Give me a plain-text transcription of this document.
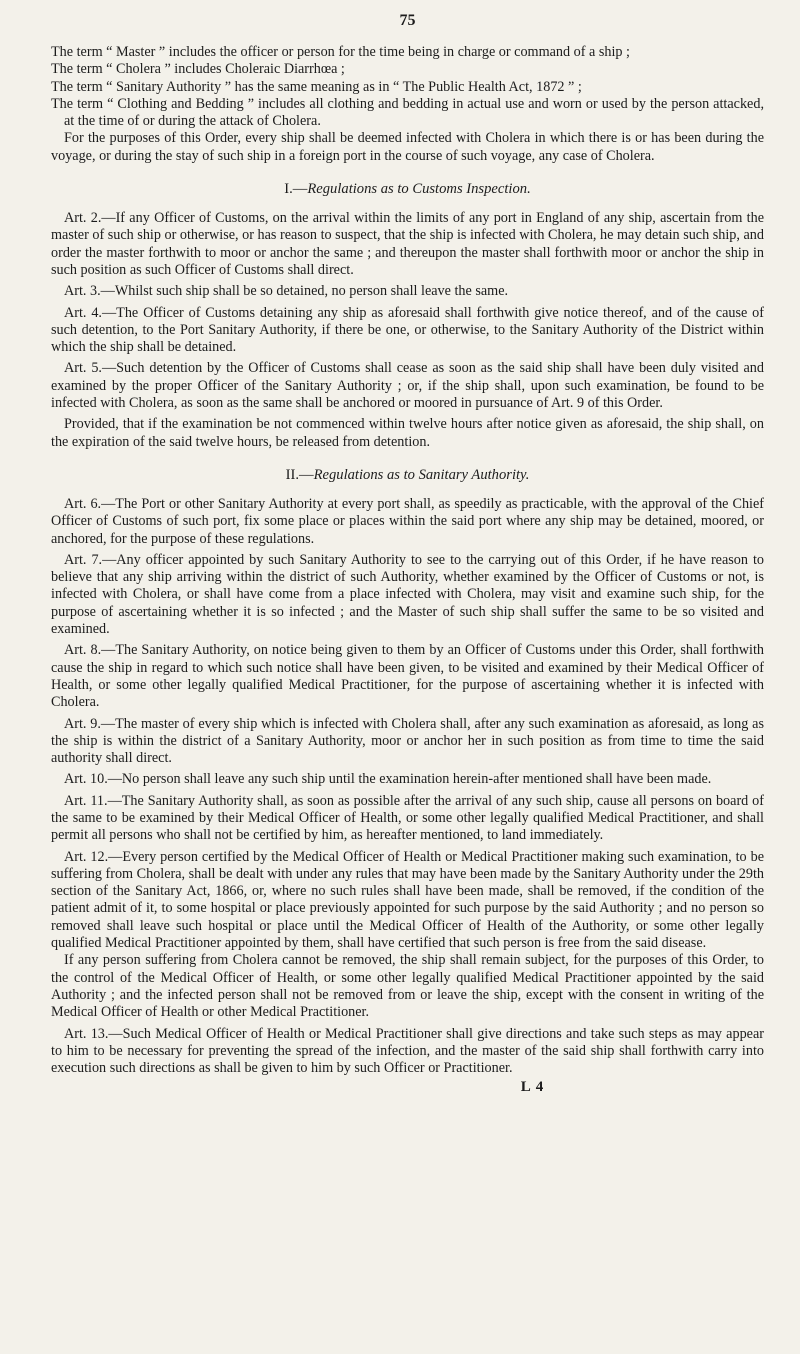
75

The term “ Master ” includes the officer or person for the time being in charge or command of a ship ;

The term “ Cholera ” includes Choleraic Diarrhœa ;

The term “ Sanitary Authority ” has the same meaning as in “ The Public Health Act, 1872 ” ;

The term “ Clothing and Bedding ” includes all clothing and bedding in actual use and worn or used by the person attacked, at the time of or during the attack of Cholera.

For the purposes of this Order, every ship shall be deemed infected with Cholera in which there is or has been during the voyage, or during the stay of such ship in a foreign port in the course of such voyage, any case of Cholera.

I.—Regulations as to Customs Inspection.

Art. 2.—If any Officer of Customs, on the arrival within the limits of any port in England of any ship, ascertain from the master of such ship or otherwise, or has reason to suspect, that the ship is infected with Cholera, he may detain such ship, and order the master forthwith to moor or anchor the same ; and thereupon the master shall forthwith moor or anchor the ship in such position as such Officer of Customs shall direct.

Art. 3.—Whilst such ship shall be so detained, no person shall leave the same.

Art. 4.—The Officer of Customs detaining any ship as aforesaid shall forthwith give notice thereof, and of the cause of such detention, to the Port Sanitary Authority, if there be one, or otherwise, to the Sanitary Authority of the District within which the ship shall be detained.

Art. 5.—Such detention by the Officer of Customs shall cease as soon as the said ship shall have been duly visited and examined by the proper Officer of the Sanitary Authority ; or, if the ship shall, upon such examination, be found to be infected with Cholera, as soon as the same shall be anchored or moored in pursuance of Art. 9 of this Order.

Provided, that if the examination be not commenced within twelve hours after notice given as aforesaid, the ship shall, on the expiration of the said twelve hours, be released from detention.

II.—Regulations as to Sanitary Authority.

Art. 6.—The Port or other Sanitary Authority at every port shall, as speedily as practicable, with the approval of the Chief Officer of Customs of such port, fix some place or places within the said port where any ship may be detained, moored, or anchored, for the purpose of these regulations.

Art. 7.—Any officer appointed by such Sanitary Authority to see to the carrying out of this Order, if he have reason to believe that any ship arriving within the district of such Authority, whether examined by the Officer of Customs or not, is infected with Cholera, or shall have come from a place infected with Cholera, may visit and examine such ship, for the purpose of ascertaining whether it is so infected ; and the Master of such ship shall suffer the same to be so visited and examined.

Art. 8.—The Sanitary Authority, on notice being given to them by an Officer of Customs under this Order, shall forthwith cause the ship in regard to which such notice shall have been given, to be visited and examined by their Medical Officer of Health, or some other legally qualified Medical Practitioner, for the purpose of ascertaining whether it is infected with Cholera.

Art. 9.—The master of every ship which is infected with Cholera shall, after any such examination as aforesaid, as long as the ship is within the district of a Sanitary Authority, moor or anchor her in such position as from time to time the said authority shall direct.

Art. 10.—No person shall leave any such ship until the examination herein-after mentioned shall have been made.

Art. 11.—The Sanitary Authority shall, as soon as possible after the arrival of any such ship, cause all persons on board of the same to be examined by their Medical Officer of Health, or some other legally qualified Medical Practitioner, and shall permit all persons who shall not be certified by him, as hereafter mentioned, to land immediately.

Art. 12.—Every person certified by the Medical Officer of Health or Medical Practitioner making such examination, to be suffering from Cholera, shall be dealt with under any rules that may have been made by the Sanitary Authority under the 29th section of the Sanitary Act, 1866, or, where no such rules shall have been made, shall be removed, if the condition of the patient admit of it, to some hospital or place previously appointed for such purpose by the said Authority ; and no person so removed shall leave such hospital or place until the Medical Officer of Health of the Authority, or some other legally qualified Medical Practitioner appointed by them, shall have certified that such person is free from the said disease.

If any person suffering from Cholera cannot be removed, the ship shall remain subject, for the purposes of this Order, to the control of the Medical Officer of Health, or some other legally qualified Medical Practitioner appointed by the said Authority ; and the infected person shall not be removed from or leave the ship, except with the consent in writing of the Medical Officer of Health or other Medical Practitioner.

Art. 13.—Such Medical Officer of Health or Medical Practitioner shall give directions and take such steps as may appear to him to be necessary for preventing the spread of the infection, and the master of the said ship shall forthwith carry into execution such directions as shall be given to him by such Officer or Practitioner.

L 4
